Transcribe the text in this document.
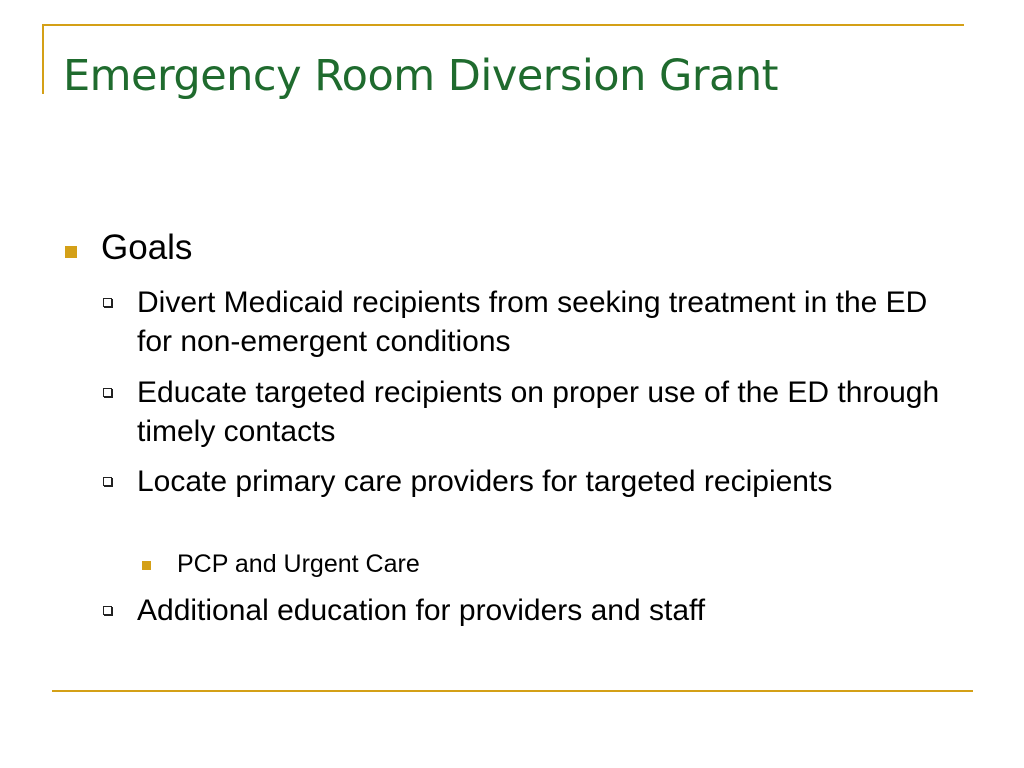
Emergency Room Diversion Grant
Goals
Divert Medicaid recipients from seeking treatment in the ED for non-emergent conditions
Educate targeted recipients on proper use of the ED through timely contacts
Locate primary care providers for targeted recipients
PCP and Urgent Care
Additional education for providers and staff
